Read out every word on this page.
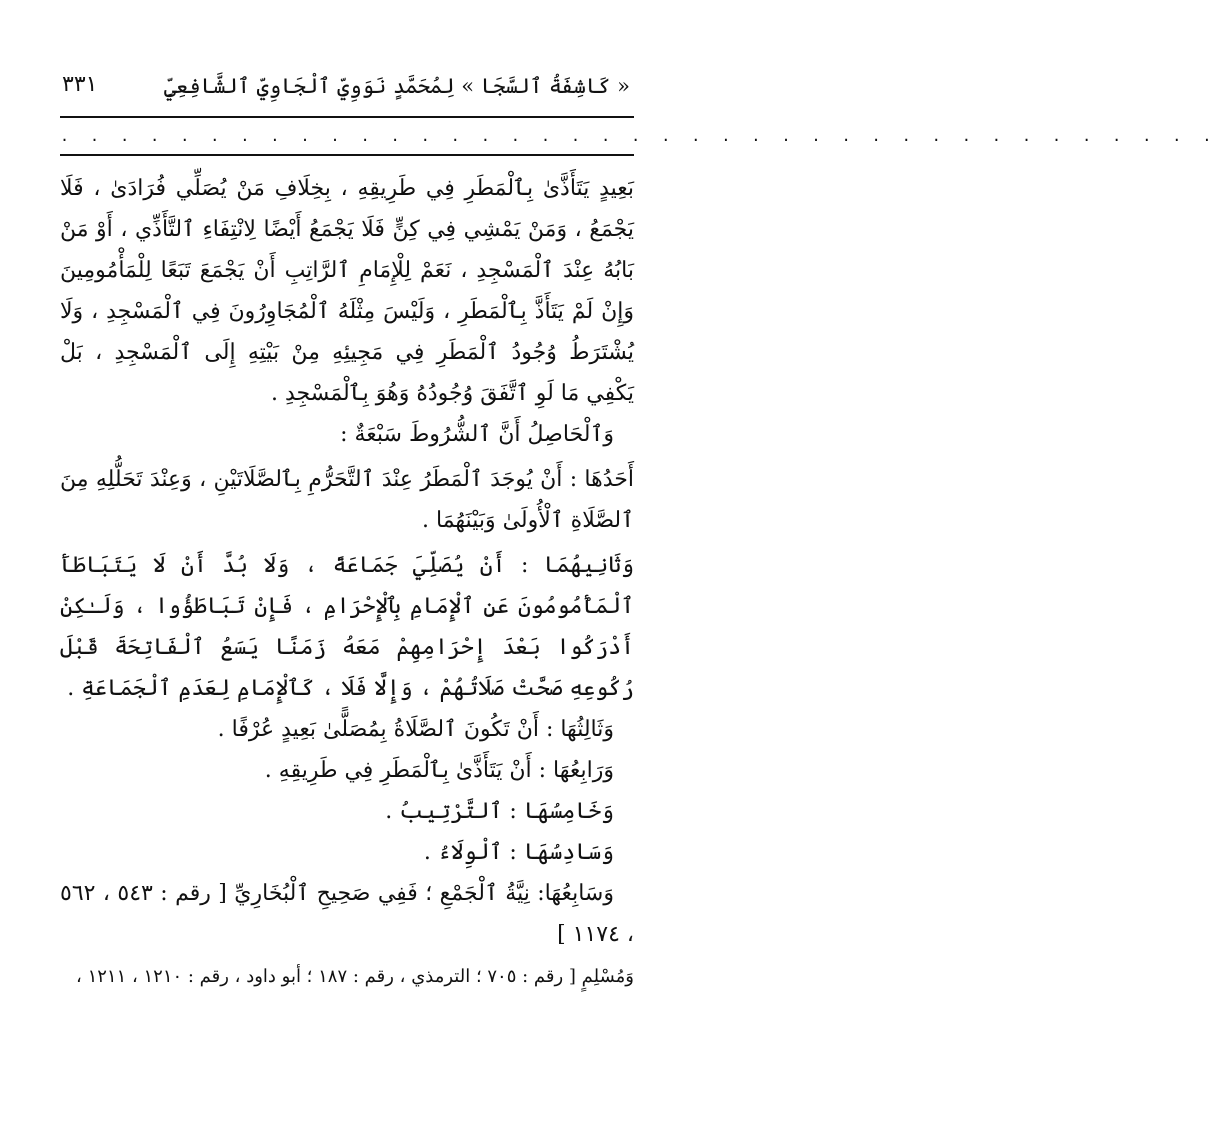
« كَاشِفَةُ ٱلسَّجَا » لِمُحَمَّدٍ نَوَوِيِّ ٱلْجَاوِيِّ ٱلشَّافِعِيِّ
٣٣١
. . . . . . . . . . . . . . . . . . . . . . . . . . . . . . . . . . . . . . .

بَعِيدٍ يَتَأَذَّىٰ بِٱلْمَطَرِ فِي طَرِيقِهِ ، بِخِلَافِ مَنْ يُصَلِّي فُرَادَىٰ ، فَلَا يَجْمَعُ ، وَمَنْ يَمْشِي فِي كِنٍّ فَلَا يَجْمَعُ أَيْضًا لِانْتِفَاءِ ٱلتَّأَذِّي ، أَوْ مَنْ بَابُهُ عِنْدَ ٱلْمَسْجِدِ ، نَعَمْ لِلْإِمَامِ ٱلرَّاتِبِ أَنْ يَجْمَعَ تَبَعًا لِلْمَأْمُومِينَ وَإِنْ لَمْ يَتَأَذَّ بِٱلْمَطَرِ ، وَلَيْسَ مِثْلَهُ ٱلْمُجَاوِرُونَ فِي ٱلْمَسْجِدِ ، وَلَا يُشْتَرَطُ وُجُودُ ٱلْمَطَرِ فِي مَجِيئِهِ مِنْ بَيْتِهِ إِلَى ٱلْمَسْجِدِ ، بَلْ يَكْفِي مَا لَوِ ٱتَّفَقَ وُجُودُهُ وَهُوَ بِٱلْمَسْجِدِ .

وَٱلْحَاصِلُ أَنَّ ٱلشُّرُوطَ سَبْعَةٌ :

أَحَدُهَا : أَنْ يُوجَدَ ٱلْمَطَرُ عِنْدَ ٱلتَّحَرُّمِ بِٱلصَّلَاتَيْنِ ، وَعِنْدَ تَحَلُّلِهِ مِنَ ٱلصَّلَاةِ ٱلْأُولَىٰ وَبَيْنَهُمَا .

وَثَانِيهُمَا : أَنْ يُصَلِّيَ جَمَاعَةً ، وَلَا بُدَّ أَنْ لَا يَتَبَاطَأَ ٱلْمَأْمُومُونَ عَنِ ٱلْإِمَامِ بِٱلْإِحْرَامِ ، فَإِنْ تَبَاطَؤُوا ، وَلَـٰكِنْ أَدْرَكُوا بَعْدَ إِحْرَامِهِمْ مَعَهُ زَمَنًا يَسَعُ ٱلْفَاتِحَةَ قَبْلَ رُكُوعِهِ صَحَّتْ صَلَاتُهُمْ ، وَإِلَّا فَلَا ، كَٱلْإِمَامِ لِعَدَمِ ٱلْجَمَاعَةِ .

وَثَالِثُهَا : أَنْ تَكُونَ ٱلصَّلَاةُ بِمُصَلًّىٰ بَعِيدٍ عُرْفًا .

وَرَابِعُهَا : أَنْ يَتَأَذَّىٰ بِٱلْمَطَرِ فِي طَرِيقِهِ .

وَخَامِسُهَا : ٱلتَّرْتِيبُ .

وَسَادِسُهَا : ٱلْوِلَاءُ .

وَسَابِعُهَا: نِيَّةُ ٱلْجَمْعِ ؛ فَفِي صَحِيحِ ٱلْبُخَارِيِّ [ رقم : ٥٤٣ ، ٥٦٢ ، ١١٧٤ ]

وَمُسْلِمٍ [ رقم : ٧٠٥ ؛ الترمذي ، رقم : ١٨٧ ؛ أبو داود ، رقم : ١٢١٠ ، ١٢١١ ،
